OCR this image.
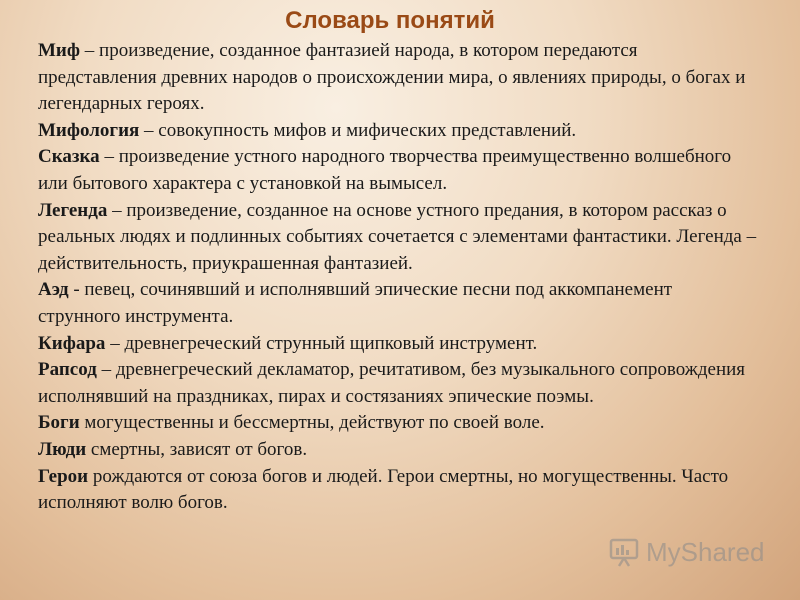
Словарь понятий

Миф – произведение, созданное фантазией народа, в котором передаются представления древних народов о происхождении мира, о явлениях природы, о богах и легендарных героях.

Мифология – совокупность мифов и мифических представлений.

Сказка – произведение устного народного творчества преимущественно волшебного или бытового характера с установкой на вымысел.

Легенда – произведение, созданное на основе устного предания, в котором рассказ о реальных людях и подлинных событиях сочетается с элементами фантастики. Легенда – действительность, приукрашенная фантазией.

Аэд - певец, сочинявший и исполнявший эпические песни под аккомпанемент струнного инструмента.

Кифара – древнегреческий струнный щипковый инструмент.

Рапсод – древнегреческий декламатор, речитативом, без музыкального сопровождения исполнявший на праздниках, пирах и состязаниях эпические поэмы.

Боги могущественны и бессмертны, действуют по своей воле.

Люди смертны, зависят от богов.

Герои рождаются от союза богов и людей. Герои смертны, но могущественны. Часто исполняют волю богов.

MyShared
